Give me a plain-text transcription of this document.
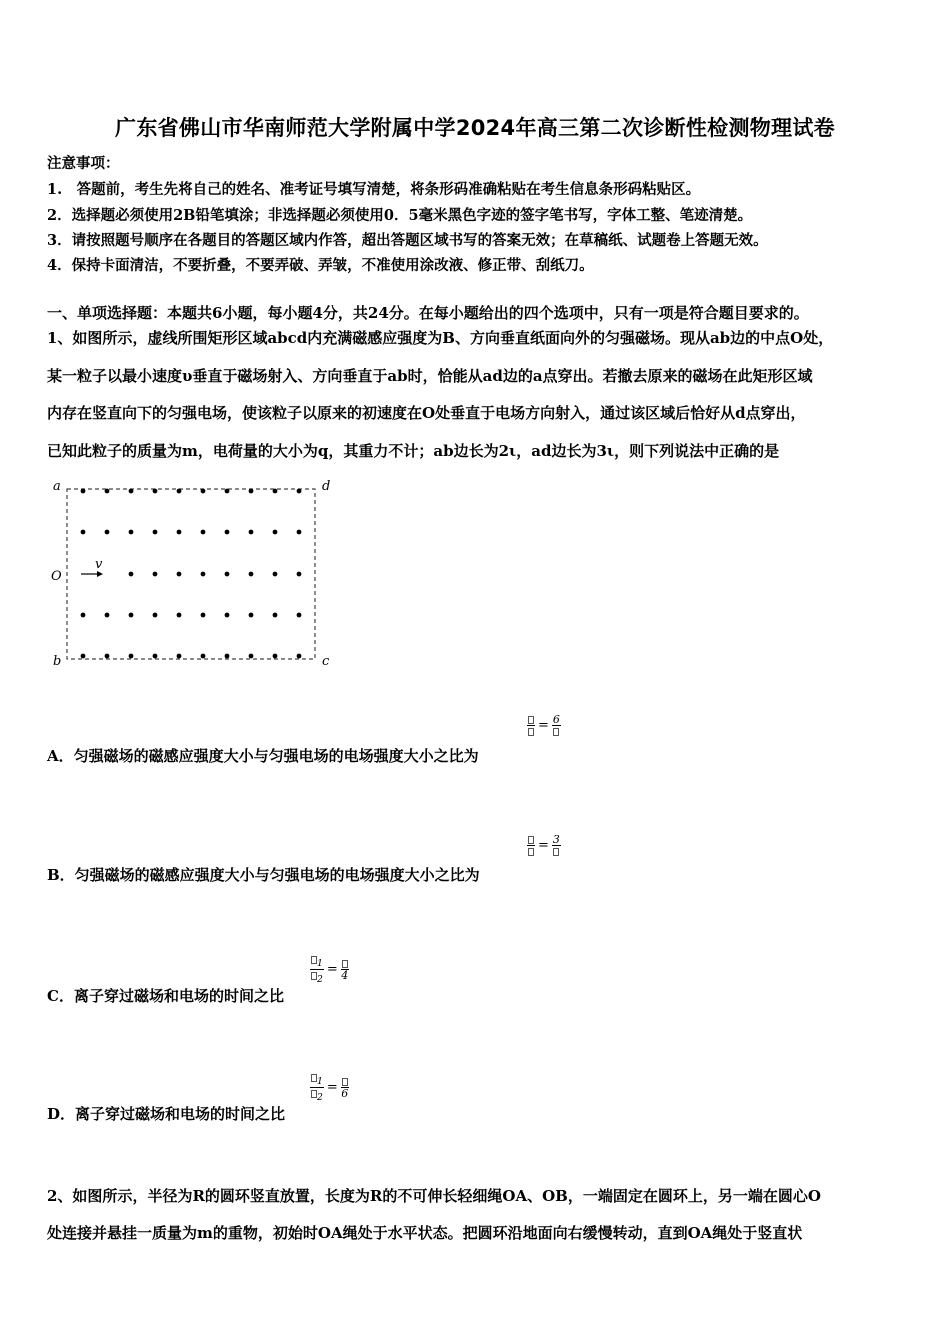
广东省佛山市华南师范大学附属中学2024年高三第二次诊断性检测物理试卷
注意事项：
1.　答题前，考生先将自己的姓名、准考证号填写清楚，将条形码准确粘贴在考生信息条形码粘贴区。
2．选择题必须使用2B铅笔填涂；非选择题必须使用0．5毫米黑色字迹的签字笔书写，字体工整、笔迹清楚。
3．请按照题号顺序在各题目的答题区域内作答，超出答题区域书写的答案无效；在草稿纸、试题卷上答题无效。
4．保持卡面清洁，不要折叠，不要弄破、弄皱，不准使用涂改液、修正带、刮纸刀。
一、单项选择题：本题共6小题，每小题4分，共24分。在每小题给出的四个选项中，只有一项是符合题目要求的。
1、如图所示，虚线所围矩形区域abcd内充满磁感应强度为B、方向垂直纸面向外的匀强磁场。现从ab边的中点O处，
某一粒子以最小速度υ垂直于磁场射入、方向垂直于ab时，恰能从ad边的a点穿出。若撤去原来的磁场在此矩形区域
内存在竖直向下的匀强电场，使该粒子以原来的初速度在O处垂直于电场方向射入，通过该区域后恰好从d点穿出，
已知此粒子的质量为m，电荷量的大小为q，其重力不计；ab边长为2ι，ad边长为3ι，则下列说法中正确的是
v
a	d
O
b	c
= 6
A．匀强磁场的磁感应强度大小与匀强电场的电场强度大小之比为
= 3
B．匀强磁场的磁感应强度大小与匀强电场的电场强度大小之比为
$\frac{_1}{_2} = 4$
C．离子穿过磁场和电场的时间之比
$\frac{_1}{_2} = 6$
D．离子穿过磁场和电场的时间之比
2、如图所示，半径为R的圆环竖直放置，长度为R的不可伸长轻细绳OA、OB，一端固定在圆环上，另一端在圆心O
处连接并悬挂一质量为m的重物，初始时OA绳处于水平状态。把圆环沿地面向右缓慢转动，直到OA绳处于竖直状
